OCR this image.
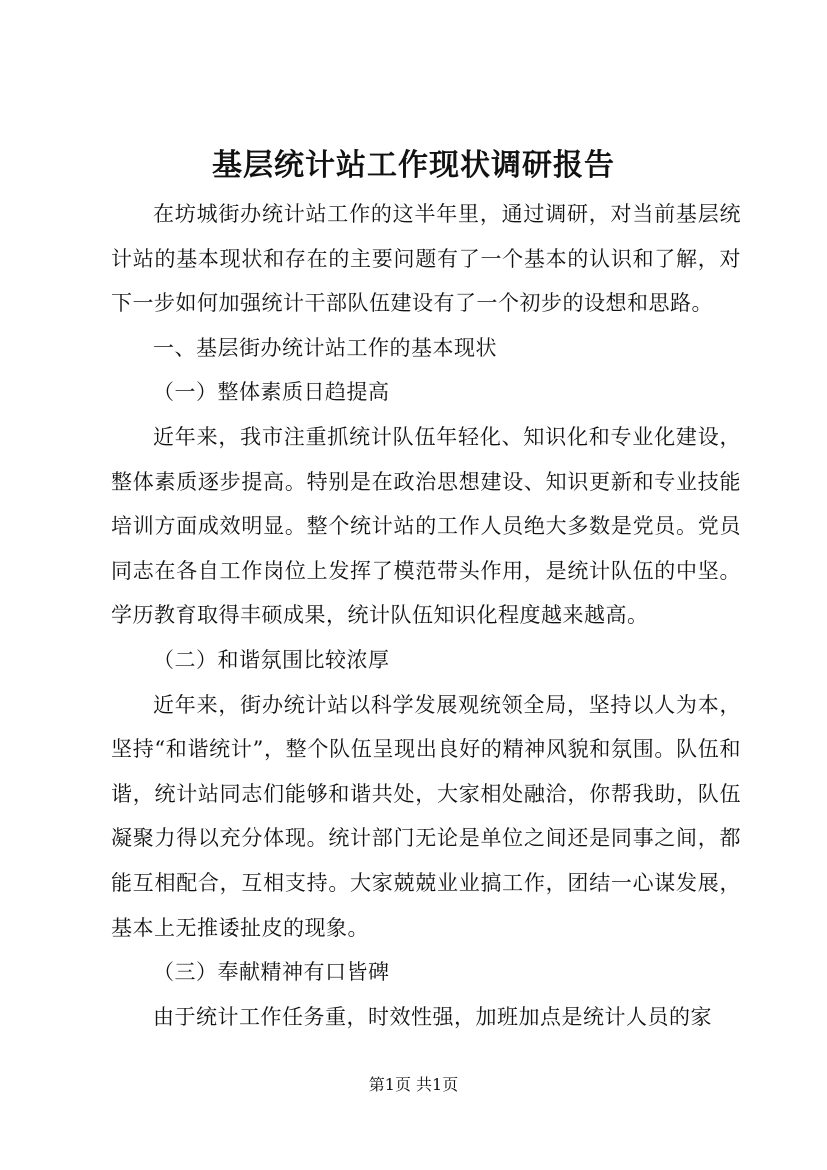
基层统计站工作现状调研报告

在坊城街办统计站工作的这半年里，通过调研，对当前基层统计站的基本现状和存在的主要问题有了一个基本的认识和了解，对下一步如何加强统计干部队伍建设有了一个初步的设想和思路。

一、基层街办统计站工作的基本现状

（一）整体素质日趋提高

近年来，我市注重抓统计队伍年轻化、知识化和专业化建设，整体素质逐步提高。特别是在政治思想建设、知识更新和专业技能培训方面成效明显。整个统计站的工作人员绝大多数是党员。党员同志在各自工作岗位上发挥了模范带头作用，是统计队伍的中坚。学历教育取得丰硕成果，统计队伍知识化程度越来越高。

（二）和谐氛围比较浓厚

近年来，街办统计站以科学发展观统领全局，坚持以人为本，坚持“和谐统计”，整个队伍呈现出良好的精神风貌和氛围。队伍和谐，统计站同志们能够和谐共处，大家相处融洽，你帮我助，队伍凝聚力得以充分体现。统计部门无论是单位之间还是同事之间，都能互相配合，互相支持。大家兢兢业业搞工作，团结一心谋发展，基本上无推诿扯皮的现象。

（三）奉献精神有口皆碑

由于统计工作任务重，时效性强，加班加点是统计人员的家

第1页 共1页
